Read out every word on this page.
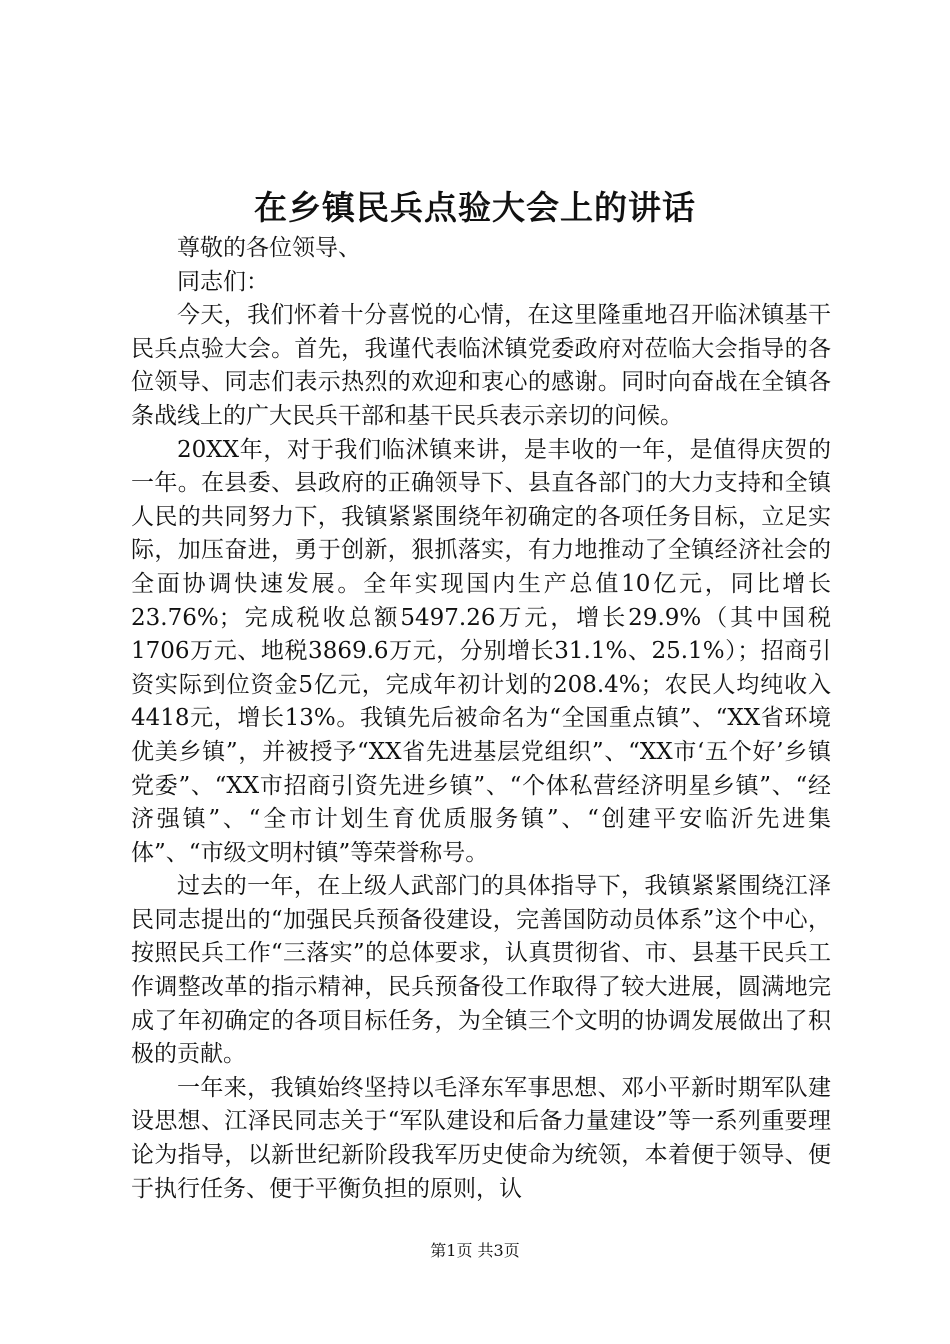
在乡镇民兵点验大会上的讲话

尊敬的各位领导、

同志们：

今天，我们怀着十分喜悦的心情，在这里隆重地召开临沭镇基干民兵点验大会。首先，我谨代表临沭镇党委政府对莅临大会指导的各位领导、同志们表示热烈的欢迎和衷心的感谢。同时向奋战在全镇各条战线上的广大民兵干部和基干民兵表示亲切的问候。

20XX年，对于我们临沭镇来讲，是丰收的一年，是值得庆贺的一年。在县委、县政府的正确领导下、县直各部门的大力支持和全镇人民的共同努力下，我镇紧紧围绕年初确定的各项任务目标，立足实际，加压奋进，勇于创新，狠抓落实，有力地推动了全镇经济社会的全面协调快速发展。全年实现国内生产总值10亿元，同比增长23.76%；完成税收总额5497.26万元，增长29.9%（其中国税1706万元、地税3869.6万元，分别增长31.1%、25.1%）；招商引资实际到位资金5亿元，完成年初计划的208.4%；农民人均纯收入4418元，增长13%。我镇先后被命名为“全国重点镇”、“XX省环境优美乡镇”，并被授予“XX省先进基层党组织”、“XX市‘五个好’乡镇党委”、“XX市招商引资先进乡镇”、“个体私营经济明星乡镇”、“经济强镇”、“全市计划生育优质服务镇”、“创建平安临沂先进集体”、“市级文明村镇”等荣誉称号。

过去的一年，在上级人武部门的具体指导下，我镇紧紧围绕江泽民同志提出的“加强民兵预备役建设，完善国防动员体系”这个中心，按照民兵工作“三落实”的总体要求，认真贯彻省、市、县基干民兵工作调整改革的指示精神，民兵预备役工作取得了较大进展，圆满地完成了年初确定的各项目标任务，为全镇三个文明的协调发展做出了积极的贡献。

一年来，我镇始终坚持以毛泽东军事思想、邓小平新时期军队建设思想、江泽民同志关于“军队建设和后备力量建设”等一系列重要理论为指导，以新世纪新阶段我军历史使命为统领，本着便于领导、便于执行任务、便于平衡负担的原则，认

第1页 共3页
